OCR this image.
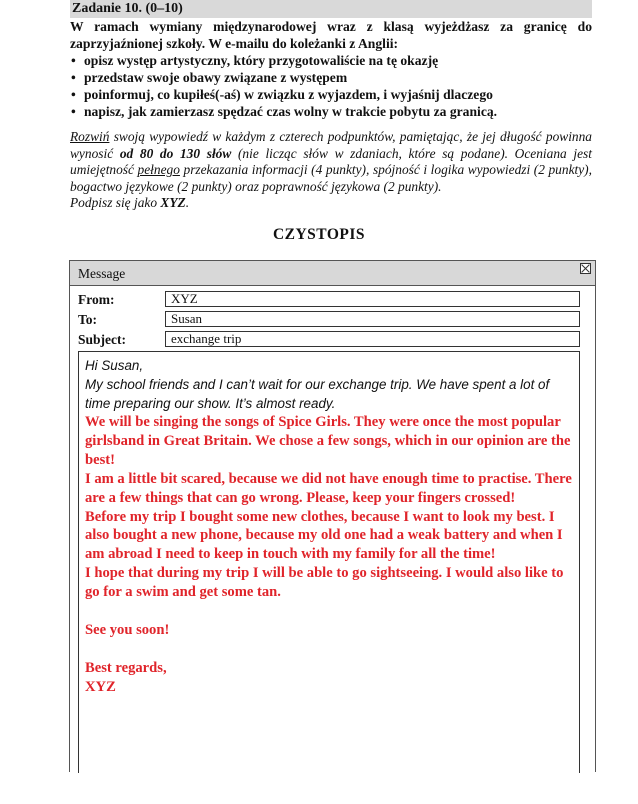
Zadanie 10. (0–10)
W ramach wymiany międzynarodowej wraz z klasą wyjeżdżasz za granicę do zaprzyjaźnionej szkoły. W e-mailu do koleżanki z Anglii:
• opisz występ artystyczny, który przygotowaliście na tę okazję
• przedstaw swoje obawy związane z występem
• poinformuj, co kupiłeś(-aś) w związku z wyjazdem, i wyjaśnij dlaczego
• napisz, jak zamierzasz spędzać czas wolny w trakcie pobytu za granicą.
Rozwiń swoją wypowiedź w każdym z czterech podpunktów, pamiętając, że jej długość powinna wynosić od 80 do 130 słów (nie licząc słów w zdaniach, które są podane). Oceniana jest umiejętność pełnego przekazania informacji (4 punkty), spójność i logika wypowiedzi (2 punkty), bogactwo językowe (2 punkty) oraz poprawność językowa (2 punkty).
Podpisz się jako XYZ.
CZYSTOPIS
Message
From:	XYZ
To:	Susan
Subject:	exchange trip

Hi Susan,

My school friends and I can’t wait for our exchange trip. We have spent a lot of time preparing our show. It’s almost ready.

We will be singing the songs of Spice Girls. They were once the most popular girlsband in Great Britain. We chose a few songs, which in our opinion are the best!

I am a little bit scared, because we did not have enough time to practise. There are a few things that can go wrong. Please, keep your fingers crossed!

Before my trip I bought some new clothes, because I want to look my best. I also bought a new phone, because my old one had a weak battery and when I am abroad I need to keep in touch with my family for all the time!

I hope that during my trip I will be able to go sightseeing. I would also like to go for a swim and get some tan.

See you soon!

Best regards,

XYZ
